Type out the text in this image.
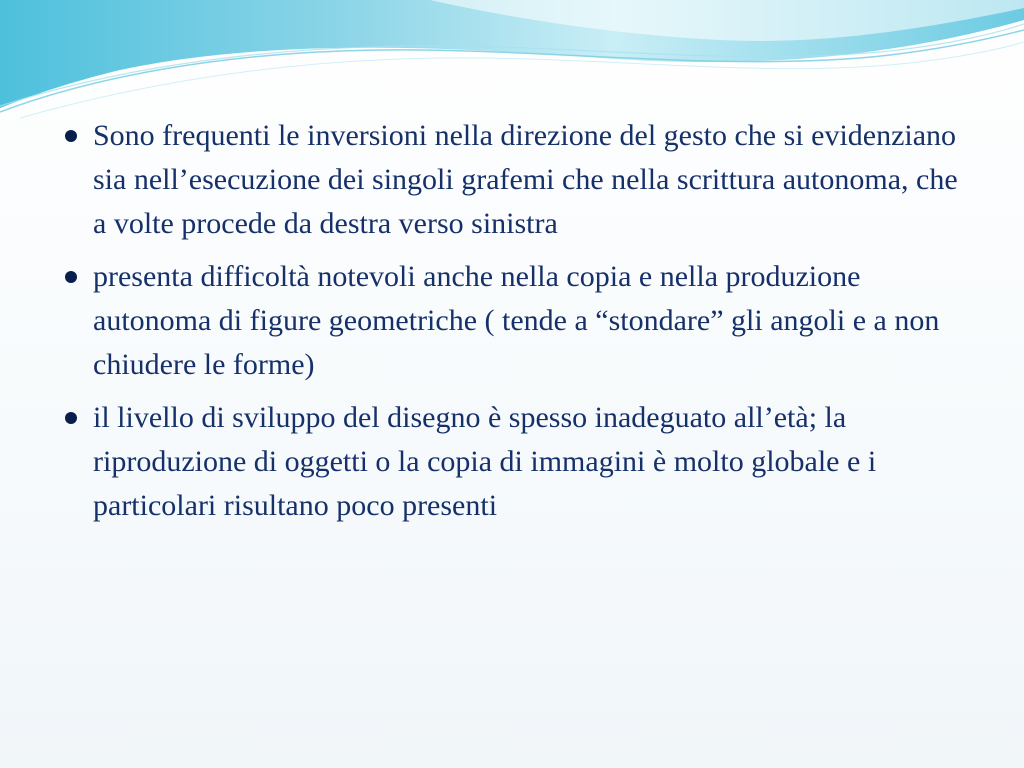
Sono frequenti le inversioni nella direzione del gesto che si evidenziano sia nell’esecuzione dei singoli grafemi che nella scrittura autonoma, che a volte procede da destra verso sinistra
presenta difficoltà notevoli anche nella copia e nella produzione autonoma di figure geometriche ( tende a “stondare” gli angoli e a non chiudere le forme)
il livello di sviluppo del disegno è spesso inadeguato all’età; la riproduzione di oggetti o la copia di immagini è molto globale e i particolari risultano poco presenti
